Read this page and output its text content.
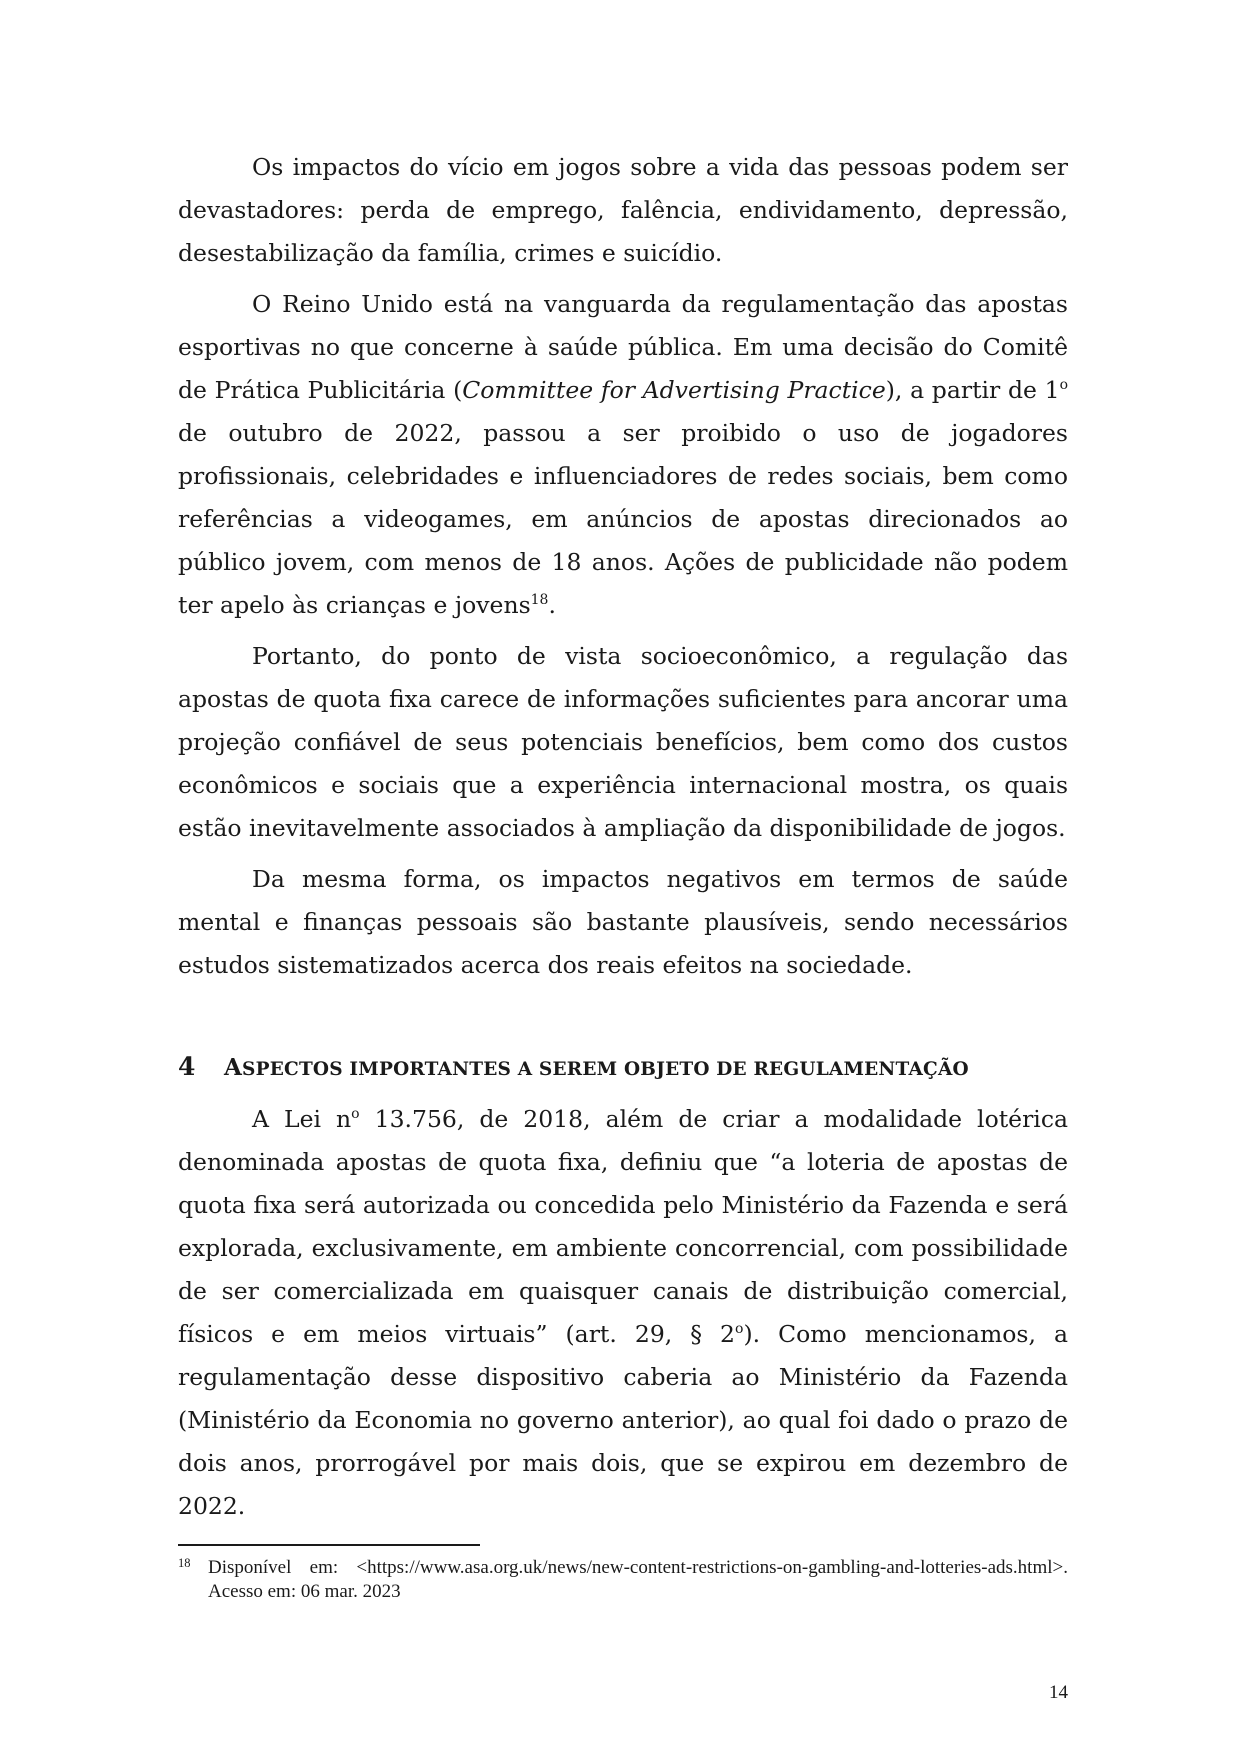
Os impactos do vício em jogos sobre a vida das pessoas podem ser devastadores: perda de emprego, falência, endividamento, depressão, desestabilização da família, crimes e suicídio.

O Reino Unido está na vanguarda da regulamentação das apostas esportivas no que concerne à saúde pública. Em uma decisão do Comitê de Prática Publicitária (Committee for Advertising Practice), a partir de 1$^o$ de outubro de 2022, passou a ser proibido o uso de jogadores profissionais, celebridades e influenciadores de redes sociais, bem como referências a videogames, em anúncios de apostas direcionados ao público jovem, com menos de 18 anos. Ações de publicidade não podem ter apelo às crianças e jovens$^{18}$.

Portanto, do ponto de vista socioeconômico, a regulação das apostas de quota fixa carece de informações suficientes para ancorar uma projeção confiável de seus potenciais benefícios, bem como dos custos econômicos e sociais que a experiência internacional mostra, os quais estão inevitavelmente associados à ampliação da disponibilidade de jogos.

Da mesma forma, os impactos negativos em termos de saúde mental e finanças pessoais são bastante plausíveis, sendo necessários estudos sistematizados acerca dos reais efeitos na sociedade.

4 ASPECTOS IMPORTANTES A SEREM OBJETO DE REGULAMENTAÇÃO

A Lei $n^o$ 13.756, de 2018, além de criar a modalidade lotérica denominada apostas de quota fixa, definiu que “a loteria de apostas de quota fixa será autorizada ou concedida pelo Ministério da Fazenda e será explorada, exclusivamente, em ambiente concorrencial, com possibilidade de ser comercializada em quaisquer canais de distribuição comercial, físicos e em meios virtuais” (art. 29, § 2$^o$). Como mencionamos, a regulamentação desse dispositivo caberia ao Ministério da Fazenda (Ministério da Economia no governo anterior), ao qual foi dado o prazo de dois anos, prorrogável por mais dois, que se expirou em dezembro de 2022.

18 Disponível em: <https://www.asa.org.uk/news/new-content-restrictions-on-gambling-and-lotteries-ads.html>. Acesso em: 06 mar. 2023
14
